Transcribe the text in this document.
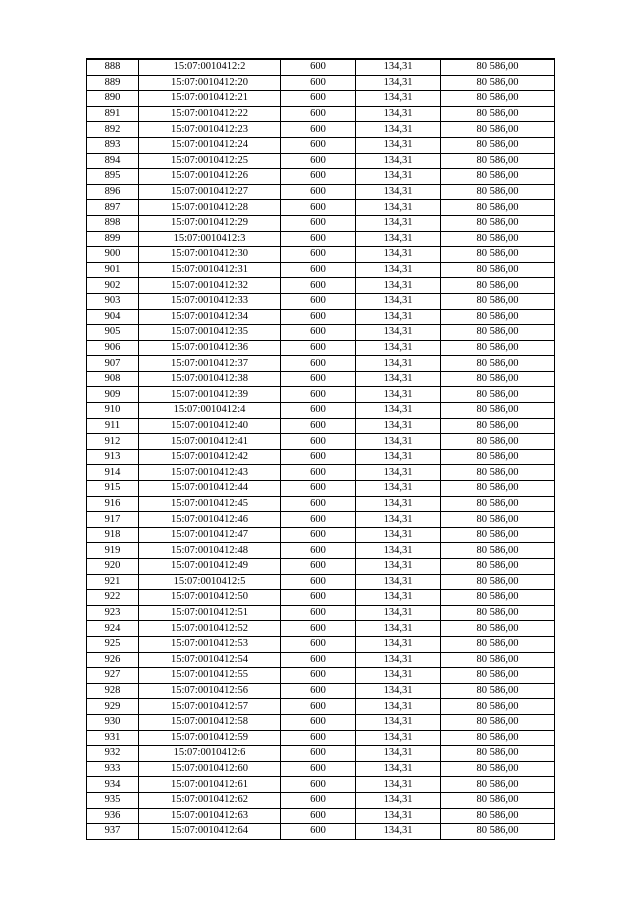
888	15:07:0010412:2	600	134,31	80 586,00
889	15:07:0010412:20	600	134,31	80 586,00
890	15:07:0010412:21	600	134,31	80 586,00
891	15:07:0010412:22	600	134,31	80 586,00
892	15:07:0010412:23	600	134,31	80 586,00
893	15:07:0010412:24	600	134,31	80 586,00
894	15:07:0010412:25	600	134,31	80 586,00
895	15:07:0010412:26	600	134,31	80 586,00
896	15:07:0010412:27	600	134,31	80 586,00
897	15:07:0010412:28	600	134,31	80 586,00
898	15:07:0010412:29	600	134,31	80 586,00
899	15:07:0010412:3	600	134,31	80 586,00
900	15:07:0010412:30	600	134,31	80 586,00
901	15:07:0010412:31	600	134,31	80 586,00
902	15:07:0010412:32	600	134,31	80 586,00
903	15:07:0010412:33	600	134,31	80 586,00
904	15:07:0010412:34	600	134,31	80 586,00
905	15:07:0010412:35	600	134,31	80 586,00
906	15:07:0010412:36	600	134,31	80 586,00
907	15:07:0010412:37	600	134,31	80 586,00
908	15:07:0010412:38	600	134,31	80 586,00
909	15:07:0010412:39	600	134,31	80 586,00
910	15:07:0010412:4	600	134,31	80 586,00
911	15:07:0010412:40	600	134,31	80 586,00
912	15:07:0010412:41	600	134,31	80 586,00
913	15:07:0010412:42	600	134,31	80 586,00
914	15:07:0010412:43	600	134,31	80 586,00
915	15:07:0010412:44	600	134,31	80 586,00
916	15:07:0010412:45	600	134,31	80 586,00
917	15:07:0010412:46	600	134,31	80 586,00
918	15:07:0010412:47	600	134,31	80 586,00
919	15:07:0010412:48	600	134,31	80 586,00
920	15:07:0010412:49	600	134,31	80 586,00
921	15:07:0010412:5	600	134,31	80 586,00
922	15:07:0010412:50	600	134,31	80 586,00
923	15:07:0010412:51	600	134,31	80 586,00
924	15:07:0010412:52	600	134,31	80 586,00
925	15:07:0010412:53	600	134,31	80 586,00
926	15:07:0010412:54	600	134,31	80 586,00
927	15:07:0010412:55	600	134,31	80 586,00
928	15:07:0010412:56	600	134,31	80 586,00
929	15:07:0010412:57	600	134,31	80 586,00
930	15:07:0010412:58	600	134,31	80 586,00
931	15:07:0010412:59	600	134,31	80 586,00
932	15:07:0010412:6	600	134,31	80 586,00
933	15:07:0010412:60	600	134,31	80 586,00
934	15:07:0010412:61	600	134,31	80 586,00
935	15:07:0010412:62	600	134,31	80 586,00
936	15:07:0010412:63	600	134,31	80 586,00
937	15:07:0010412:64	600	134,31	80 586,00
